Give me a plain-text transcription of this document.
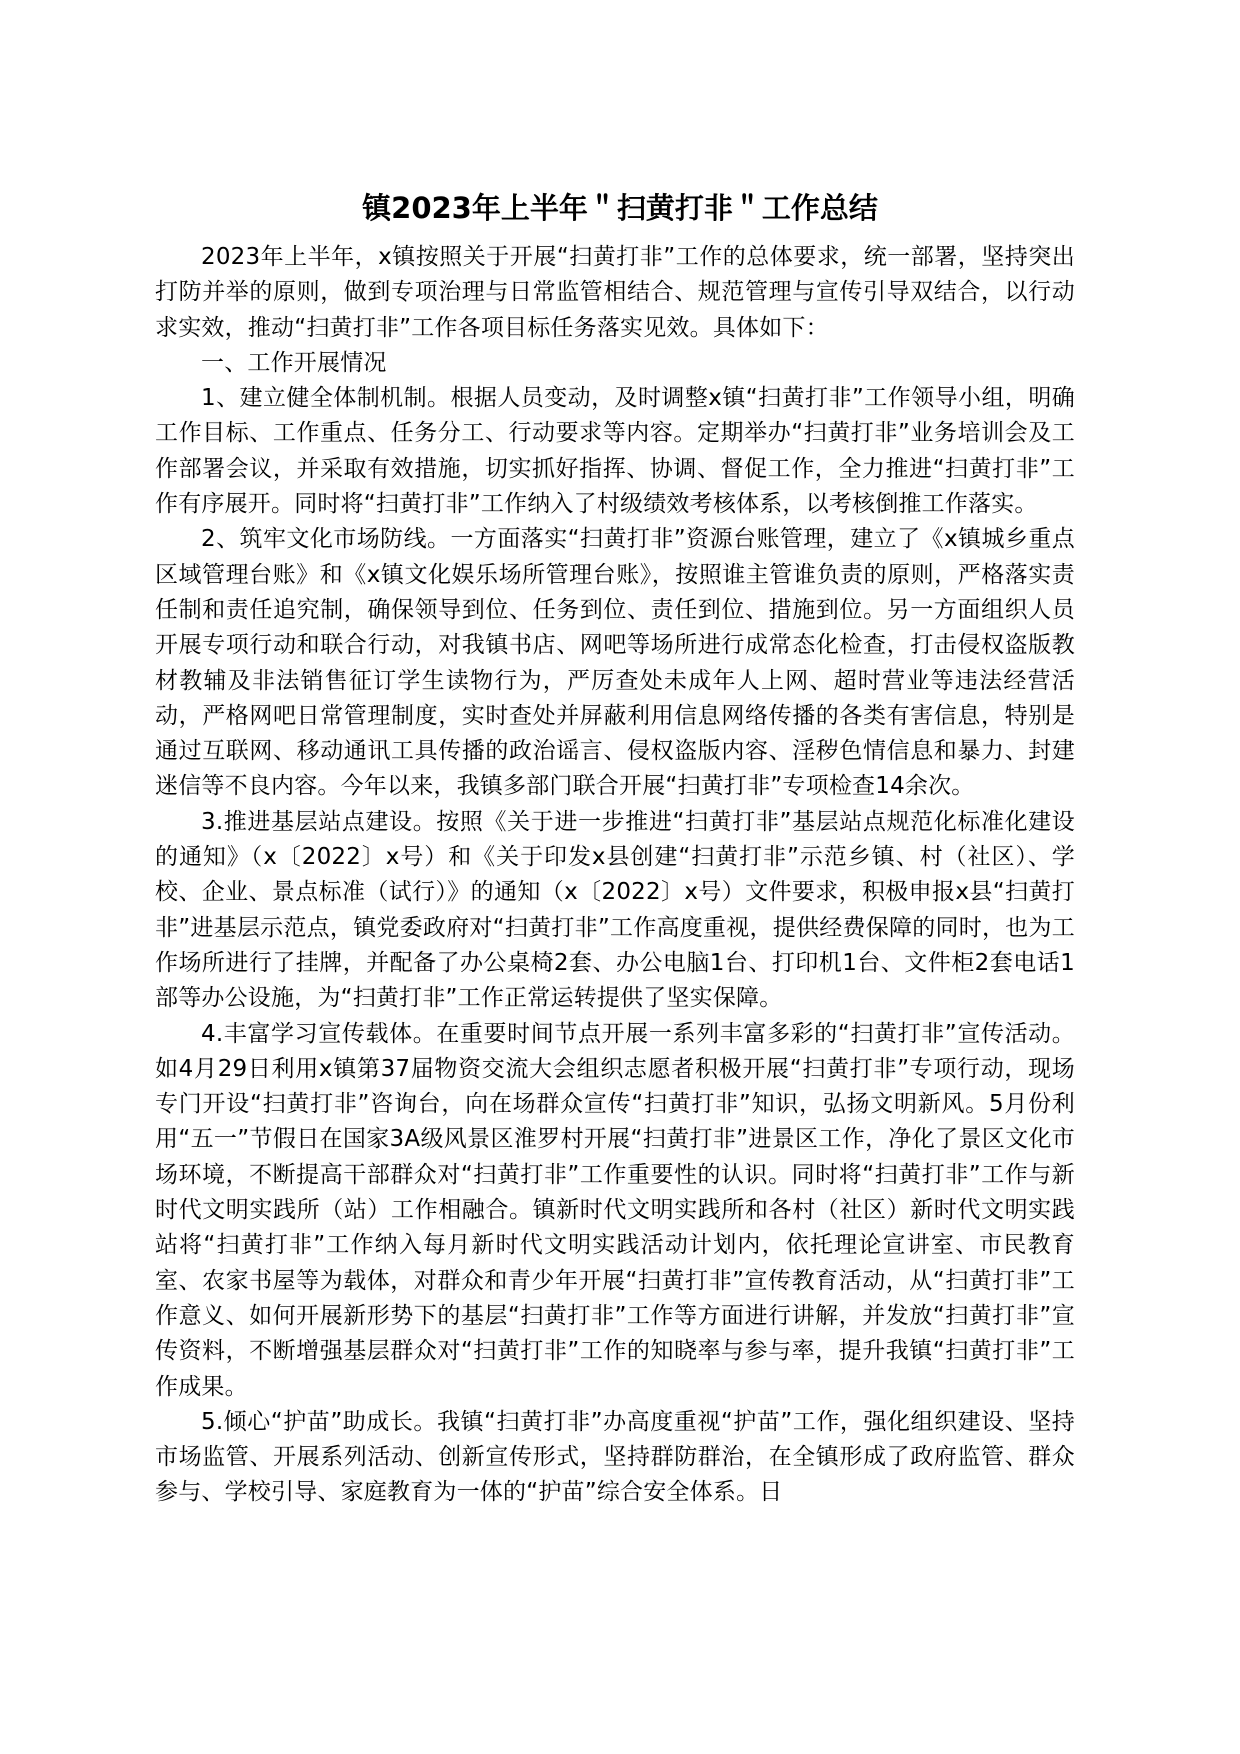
镇2023年上半年＂扫黄打非＂工作总结

2023年上半年，x镇按照关于开展“扫黄打非”工作的总体要求，统一部署，坚持突出打防并举的原则，做到专项治理与日常监管相结合、规范管理与宣传引导双结合，以行动求实效，推动“扫黄打非”工作各项目标任务落实见效。具体如下：

一、工作开展情况

1、建立健全体制机制。根据人员变动，及时调整x镇“扫黄打非”工作领导小组，明确工作目标、工作重点、任务分工、行动要求等内容。定期举办“扫黄打非”业务培训会及工作部署会议，并采取有效措施，切实抓好指挥、协调、督促工作，全力推进“扫黄打非”工作有序展开。同时将“扫黄打非”工作纳入了村级绩效考核体系，以考核倒推工作落实。

2、筑牢文化市场防线。一方面落实“扫黄打非”资源台账管理，建立了《x镇城乡重点区域管理台账》和《x镇文化娱乐场所管理台账》，按照谁主管谁负责的原则，严格落实责任制和责任追究制，确保领导到位、任务到位、责任到位、措施到位。另一方面组织人员开展专项行动和联合行动，对我镇书店、网吧等场所进行成常态化检查，打击侵权盗版教材教辅及非法销售征订学生读物行为，严厉查处未成年人上网、超时营业等违法经营活动，严格网吧日常管理制度，实时查处并屏蔽利用信息网络传播的各类有害信息，特别是通过互联网、移动通讯工具传播的政治谣言、侵权盗版内容、淫秽色情信息和暴力、封建迷信等不良内容。今年以来，我镇多部门联合开展“扫黄打非”专项检查14余次。

3.推进基层站点建设。按照《关于进一步推进“扫黄打非”基层站点规范化标准化建设的通知》（x〔2022〕x号）和《关于印发x县创建“扫黄打非”示范乡镇、村（社区）、学校、企业、景点标准（试行）》的通知（x〔2022〕x号）文件要求，积极申报x县“扫黄打非”进基层示范点，镇党委政府对“扫黄打非”工作高度重视，提供经费保障的同时，也为工作场所进行了挂牌，并配备了办公桌椅2套、办公电脑1台、打印机1台、文件柜2套电话1部等办公设施，为“扫黄打非”工作正常运转提供了坚实保障。

4.丰富学习宣传载体。在重要时间节点开展一系列丰富多彩的“扫黄打非”宣传活动。如4月29日利用x镇第37届物资交流大会组织志愿者积极开展“扫黄打非”专项行动，现场专门开设“扫黄打非”咨询台，向在场群众宣传“扫黄打非”知识，弘扬文明新风。5月份利用“五一”节假日在国家3A级风景区淮罗村开展“扫黄打非”进景区工作，净化了景区文化市场环境，不断提高干部群众对“扫黄打非”工作重要性的认识。同时将“扫黄打非”工作与新时代文明实践所（站）工作相融合。镇新时代文明实践所和各村（社区）新时代文明实践站将“扫黄打非”工作纳入每月新时代文明实践活动计划内，依托理论宣讲室、市民教育室、农家书屋等为载体，对群众和青少年开展“扫黄打非”宣传教育活动，从“扫黄打非”工作意义、如何开展新形势下的基层“扫黄打非”工作等方面进行讲解，并发放“扫黄打非”宣传资料，不断增强基层群众对“扫黄打非”工作的知晓率与参与率，提升我镇“扫黄打非”工作成果。

5.倾心“护苗”助成长。我镇“扫黄打非”办高度重视“护苗”工作，强化组织建设、坚持市场监管、开展系列活动、创新宣传形式，坚持群防群治，在全镇形成了政府监管、群众参与、学校引导、家庭教育为一体的“护苗”综合安全体系。日
